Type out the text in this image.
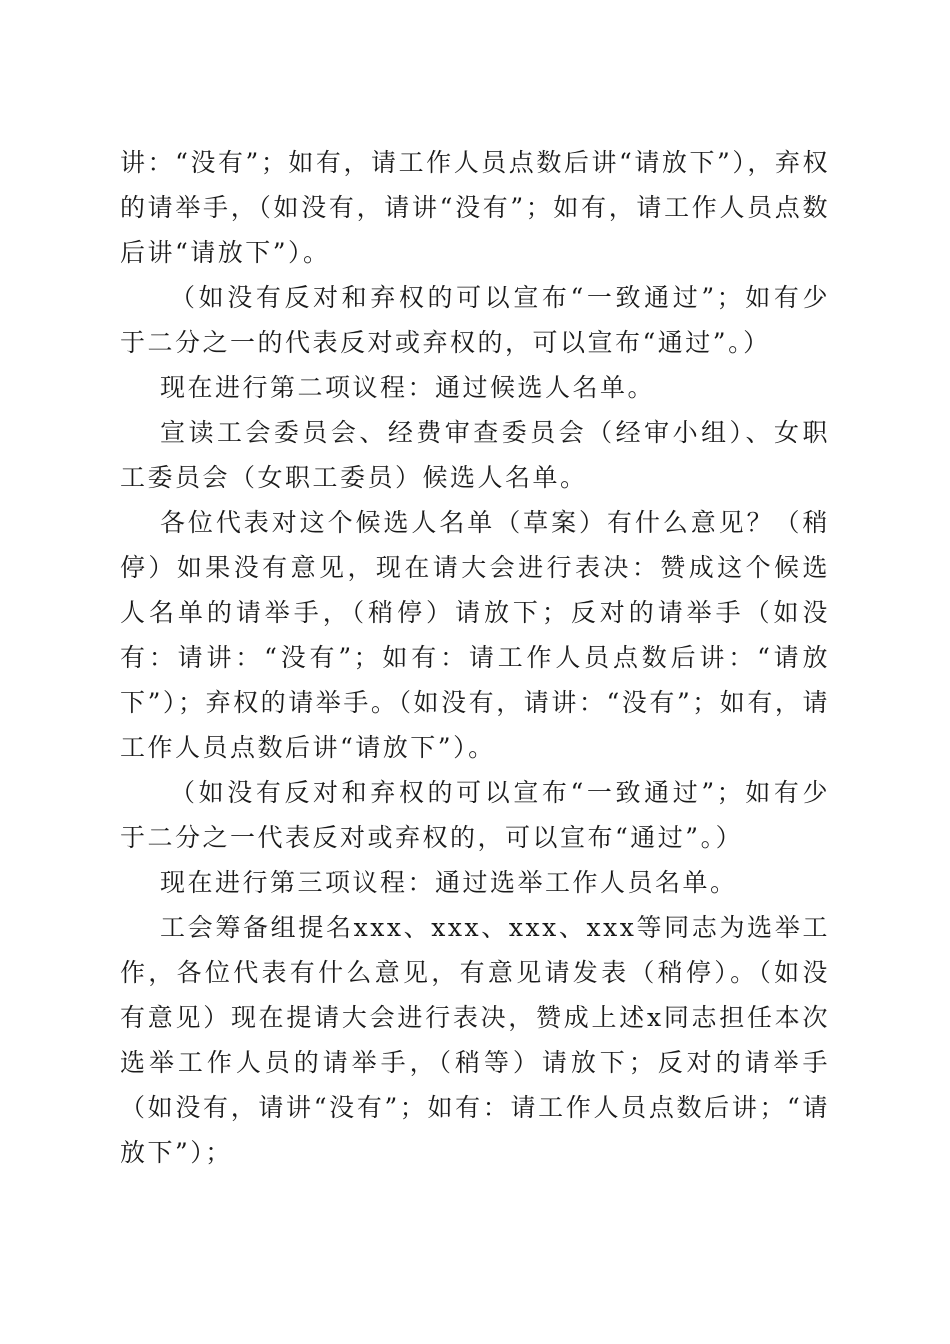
讲：“没有”；如有，请工作人员点数后讲“请放下”），弃权的请举手，（如没有，请讲“没有”；如有，请工作人员点数后讲“请放下”）。

（如没有反对和弃权的可以宣布“一致通过”；如有少于二分之一的代表反对或弃权的，可以宣布“通过”。）

现在进行第二项议程：通过候选人名单。

宣读工会委员会、经费审查委员会（经审小组）、女职工委员会（女职工委员）候选人名单。

各位代表对这个候选人名单（草案）有什么意见？（稍停）如果没有意见，现在请大会进行表决：赞成这个候选人名单的请举手，（稍停）请放下；反对的请举手（如没有：请讲：“没有”；如有：请工作人员点数后讲：“请放下”）；弃权的请举手。（如没有，请讲：“没有”；如有，请工作人员点数后讲“请放下”）。

（如没有反对和弃权的可以宣布“一致通过”；如有少于二分之一代表反对或弃权的，可以宣布“通过”。）

现在进行第三项议程：通过选举工作人员名单。

工会筹备组提名xxx、xxx、xxx、xxx等同志为选举工作，各位代表有什么意见，有意见请发表（稍停）。（如没有意见）现在提请大会进行表决，赞成上述x同志担任本次选举工作人员的请举手，（稍等）请放下；反对的请举手（如没有，请讲“没有”；如有：请工作人员点数后讲；“请放下”）；
